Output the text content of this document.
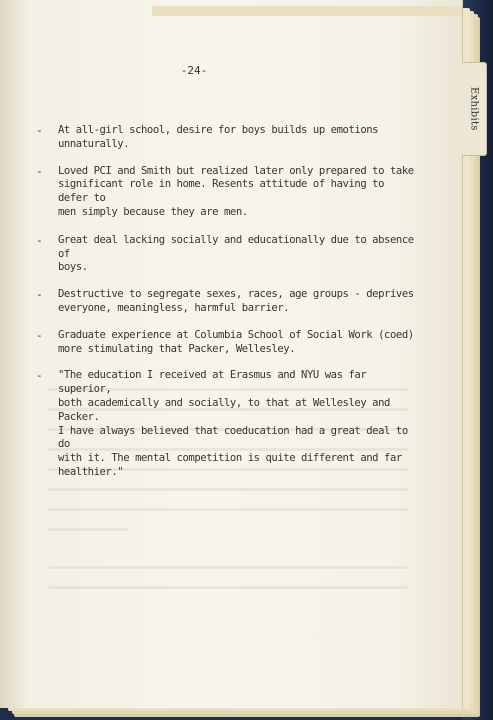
-24-
-	At all-girl school, desire for boys builds up emotions
unnaturally.
-	Loved PCI and Smith but realized later only prepared to take
significant role in home. Resents attitude of having to defer to
men simply because they are men.
-	Great deal lacking socially and educationally due to absence of
boys.
-	Destructive to segregate sexes, races, age groups - deprives
everyone, meaningless, harmful barrier.
-	Graduate experience at Columbia School of Social Work (coed)
more stimulating that Packer, Wellesley.
-	"The education I received at Erasmus and NYU was far superior,
both academically and socially, to that at Wellesley and Packer.
I have always believed that coeducation had a great deal to do
with it. The mental competition is quite different and far healthier."
Exhibits
